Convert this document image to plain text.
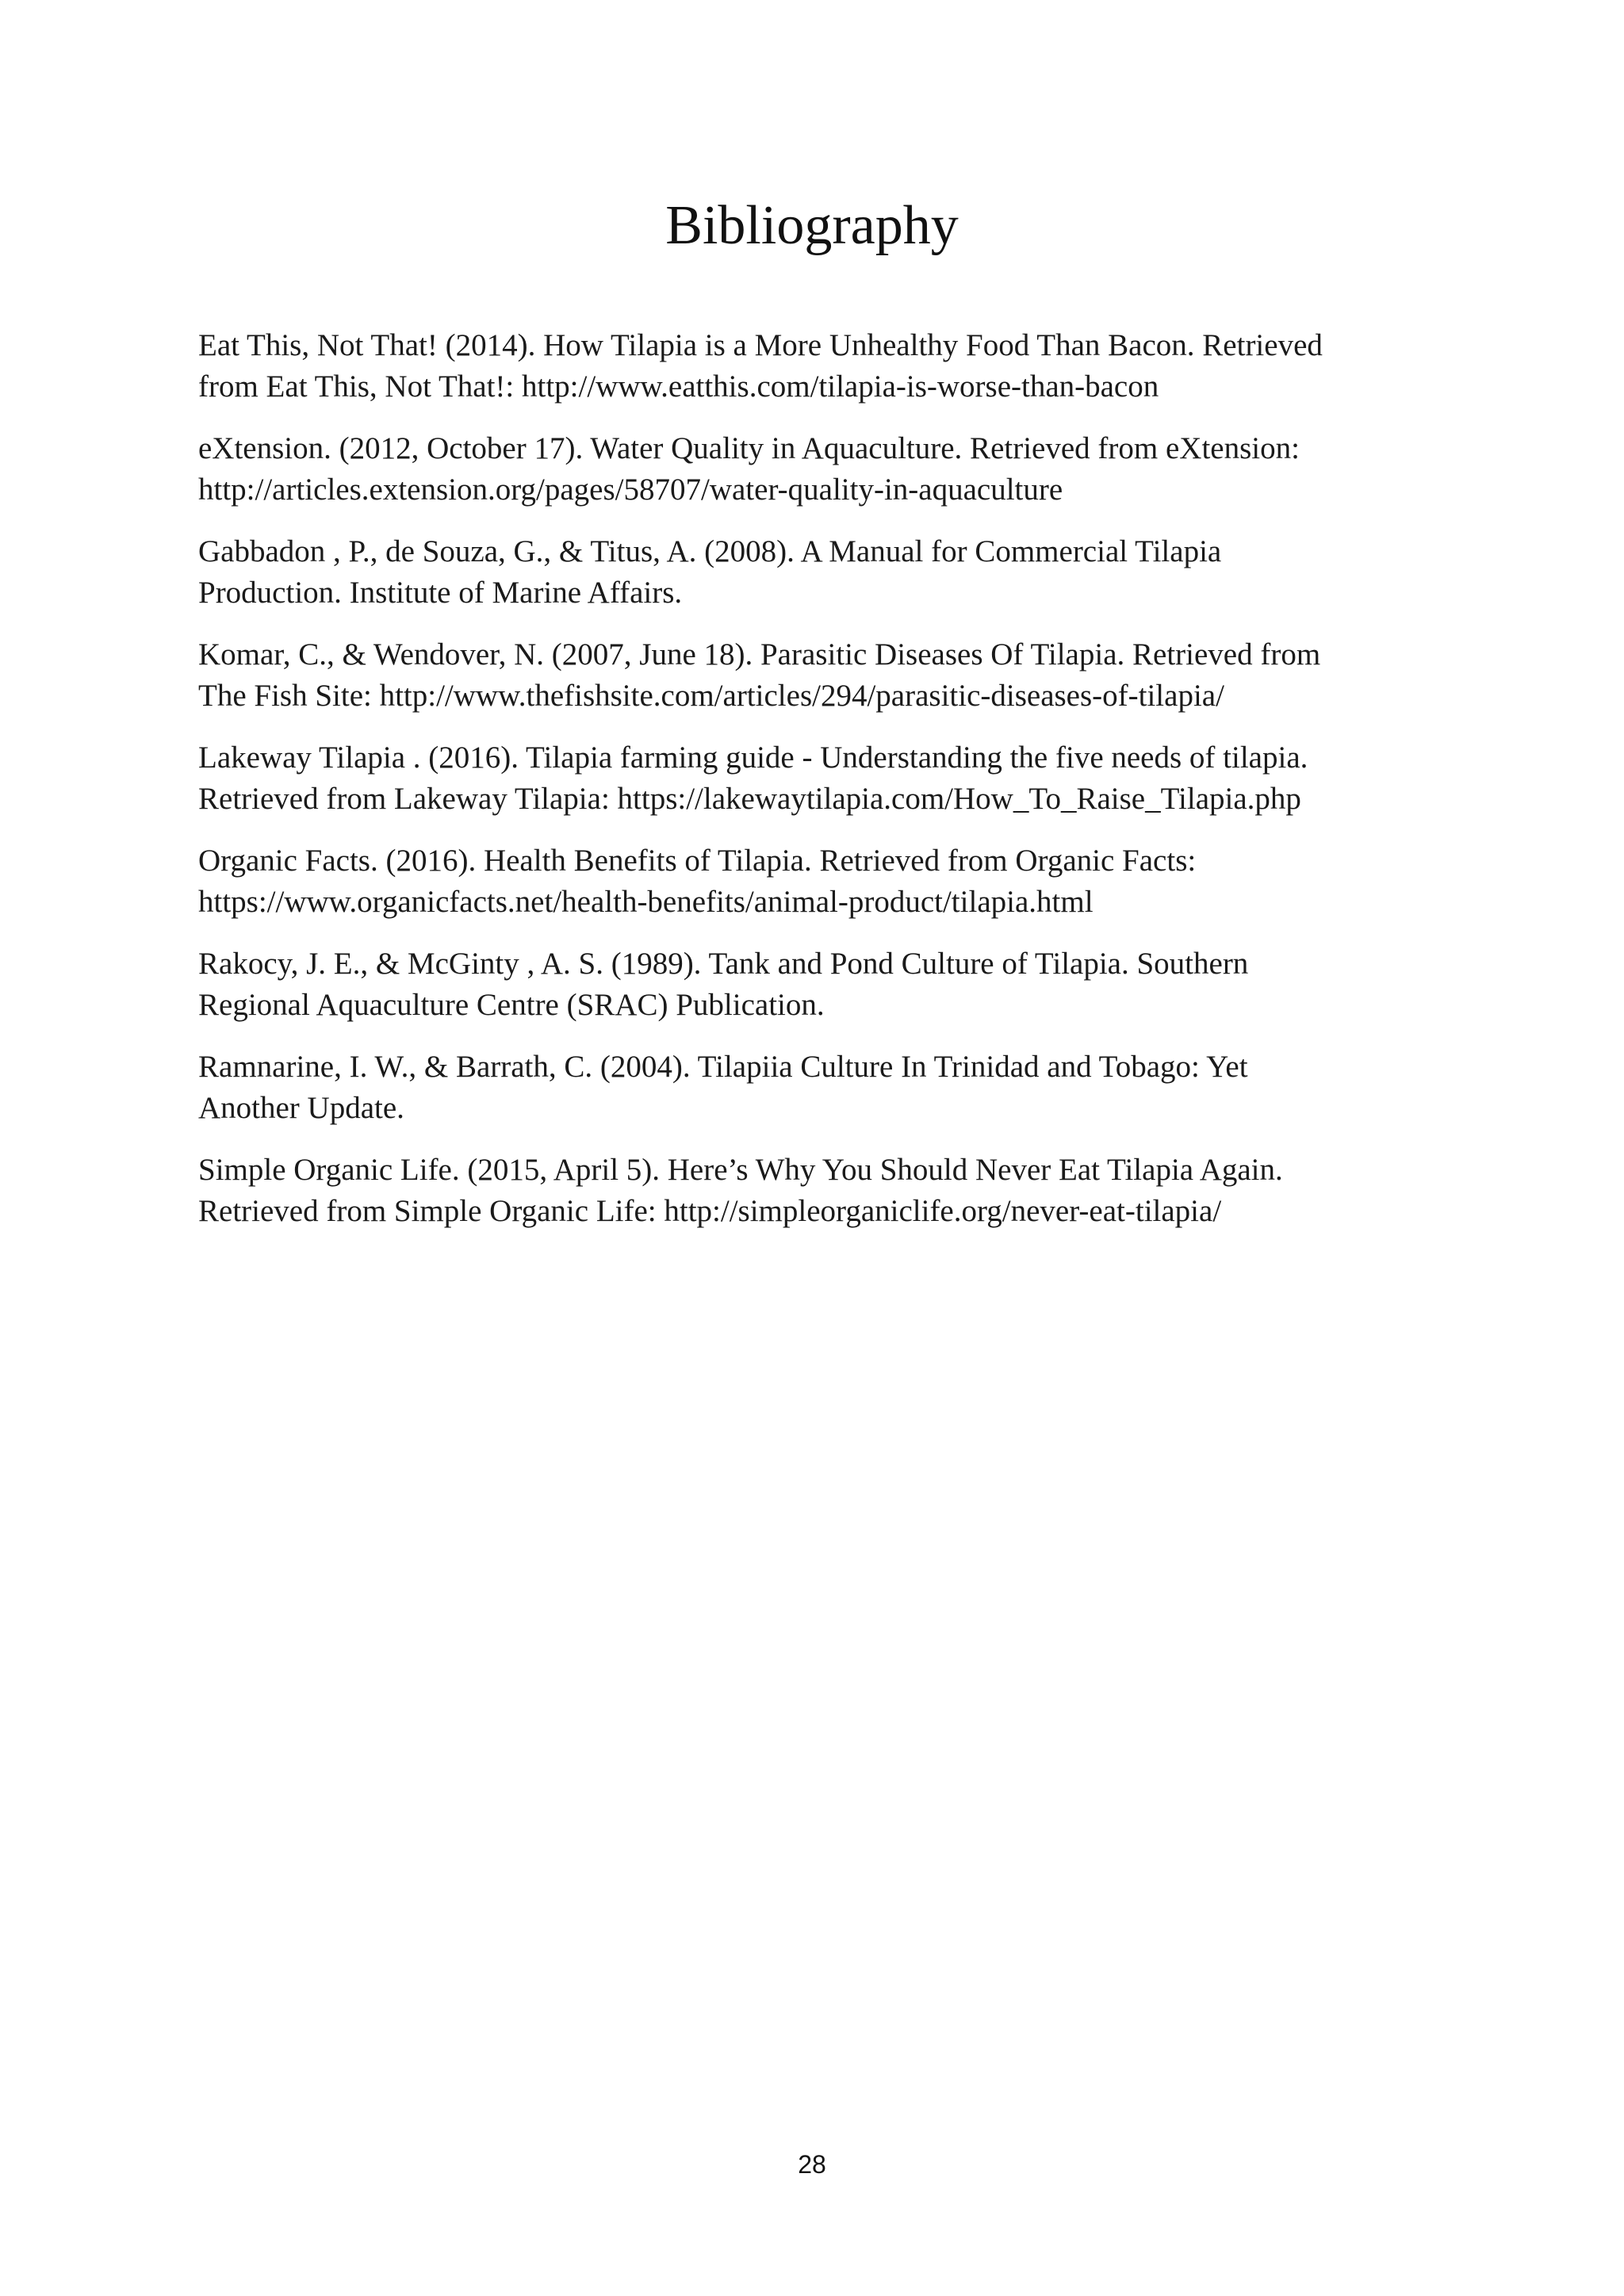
Bibliography

Eat This, Not That! (2014). How Tilapia is a More Unhealthy Food Than Bacon. Retrieved
from Eat This, Not That!: http://www.eatthis.com/tilapia-is-worse-than-bacon

eXtension. (2012, October 17). Water Quality in Aquaculture. Retrieved from eXtension:
http://articles.extension.org/pages/58707/water-quality-in-aquaculture

Gabbadon , P., de Souza, G., & Titus, A. (2008). A Manual for Commercial Tilapia
Production. Institute of Marine Affairs.

Komar, C., & Wendover, N. (2007, June 18). Parasitic Diseases Of Tilapia. Retrieved from
The Fish Site: http://www.thefishsite.com/articles/294/parasitic-diseases-of-tilapia/

Lakeway Tilapia . (2016). Tilapia farming guide - Understanding the five needs of tilapia.
Retrieved from Lakeway Tilapia: https://lakewaytilapia.com/How_To_Raise_Tilapia.php

Organic Facts. (2016). Health Benefits of Tilapia. Retrieved from Organic Facts:
https://www.organicfacts.net/health-benefits/animal-product/tilapia.html

Rakocy, J. E., & McGinty , A. S. (1989). Tank and Pond Culture of Tilapia. Southern
Regional Aquaculture Centre (SRAC) Publication.

Ramnarine, I. W., & Barrath, C. (2004). Tilapiia Culture In Trinidad and Tobago: Yet
Another Update.

Simple Organic Life. (2015, April 5). Here’s Why You Should Never Eat Tilapia Again.
Retrieved from Simple Organic Life: http://simpleorganiclife.org/never-eat-tilapia/

28
